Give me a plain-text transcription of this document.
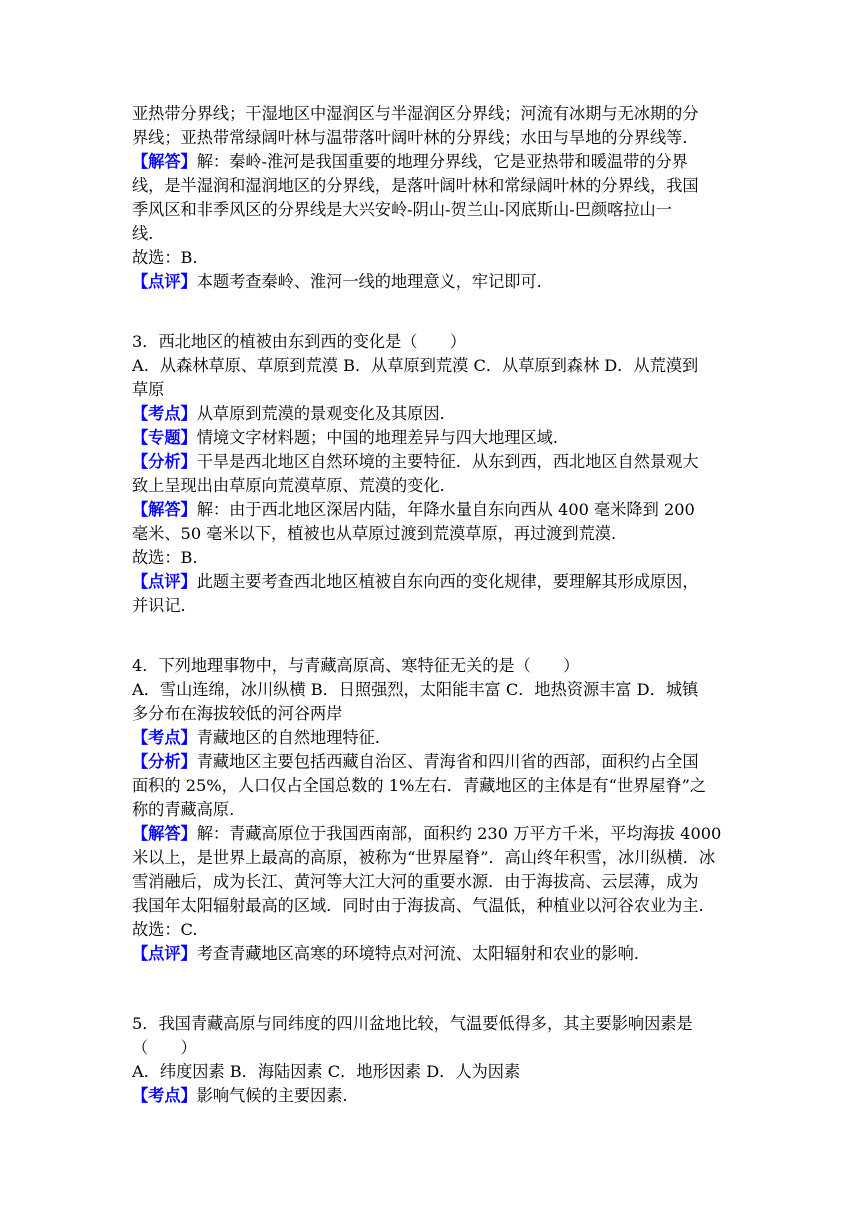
亚热带分界线；干湿地区中湿润区与半湿润区分界线；河流有冰期与无冰期的分
界线；亚热带常绿阔叶林与温带落叶阔叶林的分界线；水田与旱地的分界线等.
【解答】解：秦岭-淮河是我国重要的地理分界线，它是亚热带和暖温带的分界
线，是半湿润和湿润地区的分界线，是落叶阔叶林和常绿阔叶林的分界线，我国
季风区和非季风区的分界线是大兴安岭-阴山-贺兰山-冈底斯山-巴颜喀拉山一
线.
故选：B.
【点评】本题考查秦岭、淮河一线的地理意义，牢记即可.
3．西北地区的植被由东到西的变化是（　　）
A．从森林草原、草原到荒漠 B．从草原到荒漠 C．从草原到森林 D．从荒漠到
草原
【考点】从草原到荒漠的景观变化及其原因.
【专题】情境文字材料题；中国的地理差异与四大地理区域.
【分析】干旱是西北地区自然环境的主要特征．从东到西，西北地区自然景观大
致上呈现出由草原向荒漠草原、荒漠的变化.
【解答】解：由于西北地区深居内陆，年降水量自东向西从 400 毫米降到 200
毫米、50 毫米以下，植被也从草原过渡到荒漠草原，再过渡到荒漠.
故选：B.
【点评】此题主要考查西北地区植被自东向西的变化规律，要理解其形成原因，
并识记.
4．下列地理事物中，与青藏高原高、寒特征无关的是（　　）
A．雪山连绵，冰川纵横 B．日照强烈，太阳能丰富 C．地热资源丰富 D．城镇
多分布在海拔较低的河谷两岸
【考点】青藏地区的自然地理特征.
【分析】青藏地区主要包括西藏自治区、青海省和四川省的西部，面积约占全国
面积的 25%，人口仅占全国总数的 1%左右．青藏地区的主体是有“世界屋脊”之
称的青藏高原.
【解答】解：青藏高原位于我国西南部，面积约 230 万平方千米，平均海拔 4000
米以上，是世界上最高的高原，被称为“世界屋脊”．高山终年积雪，冰川纵横．冰
雪消融后，成为长江、黄河等大江大河的重要水源．由于海拔高、云层薄，成为
我国年太阳辐射最高的区域．同时由于海拔高、气温低，种植业以河谷农业为主.
故选：C.
【点评】考查青藏地区高寒的环境特点对河流、太阳辐射和农业的影响.
5．我国青藏高原与同纬度的四川盆地比较，气温要低得多，其主要影响因素是
（　　）
A．纬度因素 B．海陆因素 C．地形因素 D．人为因素
【考点】影响气候的主要因素.
